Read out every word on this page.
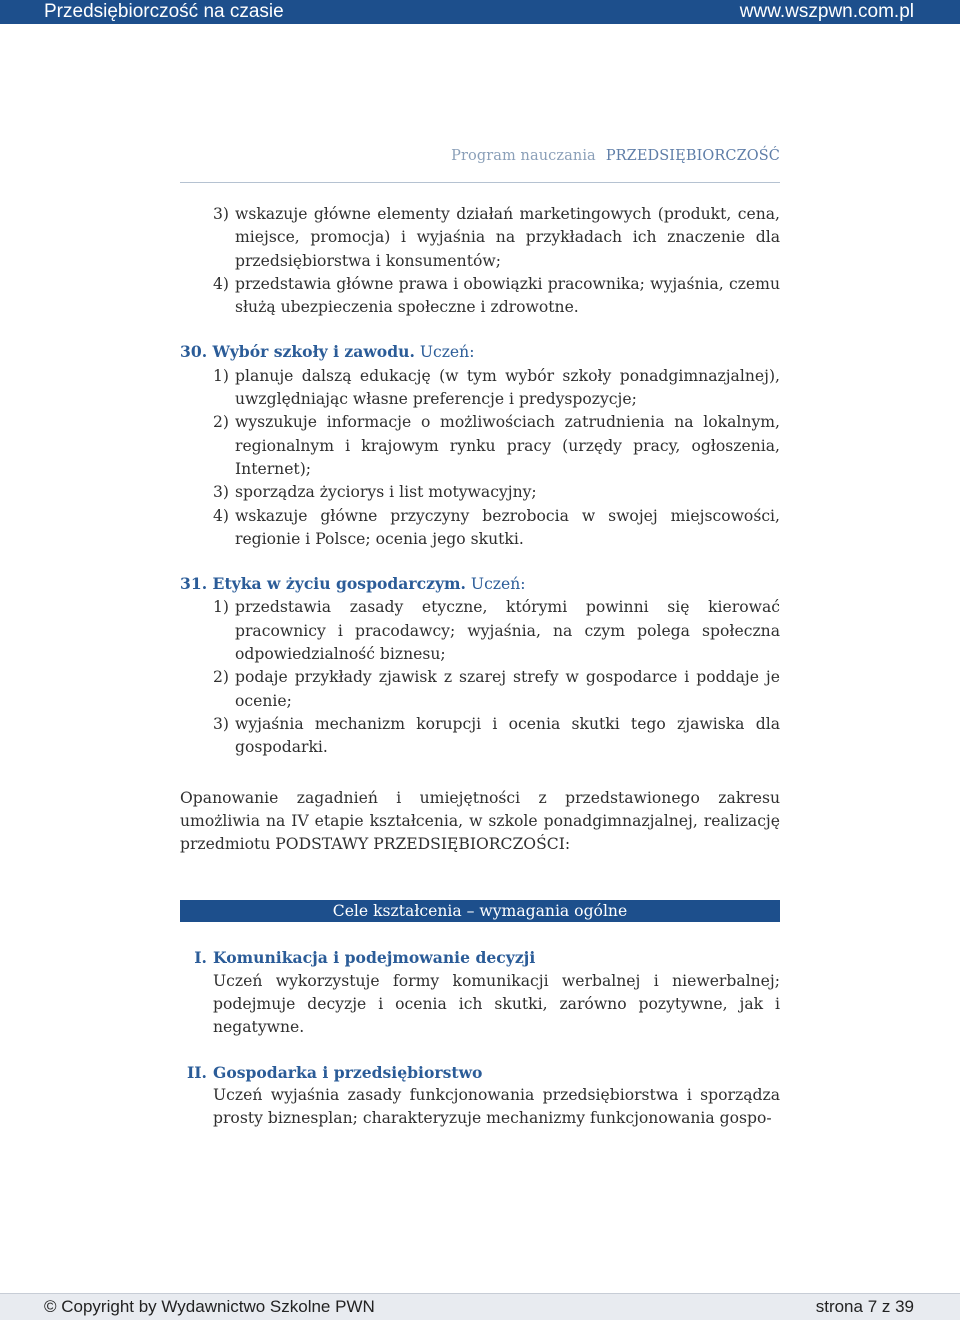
Przedsiębiorczość na czasie	www.wszpwn.com.pl
Program nauczania PRZEDSIĘBIORCZOŚĆ

3) wskazuje główne elementy działań marketingowych (produkt, cena, miejsce, promocja) i wyjaśnia na przykładach ich znaczenie dla przedsiębiorstwa i konsumentów;

4) przedstawia główne prawa i obowiązki pracownika; wyjaśnia, czemu służą ubezpieczenia społeczne i zdrowotne.

30. Wybór szkoły i zawodu. Uczeń:

1) planuje dalszą edukację (w tym wybór szkoły ponadgimnazjalnej), uwzględniając własne preferencje i predyspozycje;

2) wyszukuje informacje o możliwościach zatrudnienia na lokalnym, regionalnym i krajowym rynku pracy (urzędy pracy, ogłoszenia, Internet);

3) sporządza życiorys i list motywacyjny;

4) wskazuje główne przyczyny bezrobocia w swojej miejscowości, regionie i Polsce; ocenia jego skutki.

31. Etyka w życiu gospodarczym. Uczeń:

1) przedstawia zasady etyczne, którymi powinni się kierować pracownicy i pracodawcy; wyjaśnia, na czym polega społeczna odpowiedzialność biznesu;

2) podaje przykłady zjawisk z szarej strefy w gospodarce i poddaje je ocenie;

3) wyjaśnia mechanizm korupcji i ocenia skutki tego zjawiska dla gospodarki.

Opanowanie zagadnień i umiejętności z przedstawionego zakresu umożliwia na IV etapie kształcenia, w szkole ponadgimnazjalnej, realizację przedmiotu PODSTAWY PRZEDSIĘBIORCZOŚCI:

Cele kształcenia – wymagania ogólne
I. Komunikacja i podejmowanie decyzji
Uczeń wykorzystuje formy komunikacji werbalnej i niewerbalnej; podejmuje decyzje i ocenia ich skutki, zarówno pozytywne, jak i negatywne.
II. Gospodarka i przedsiębiorstwo
Uczeń wyjaśnia zasady funkcjonowania przedsiębiorstwa i sporządza prosty biznesplan; charakteryzuje mechanizmy funkcjonowania gospo-
© Copyright by Wydawnictwo Szkolne PWN	strona 7 z 39
